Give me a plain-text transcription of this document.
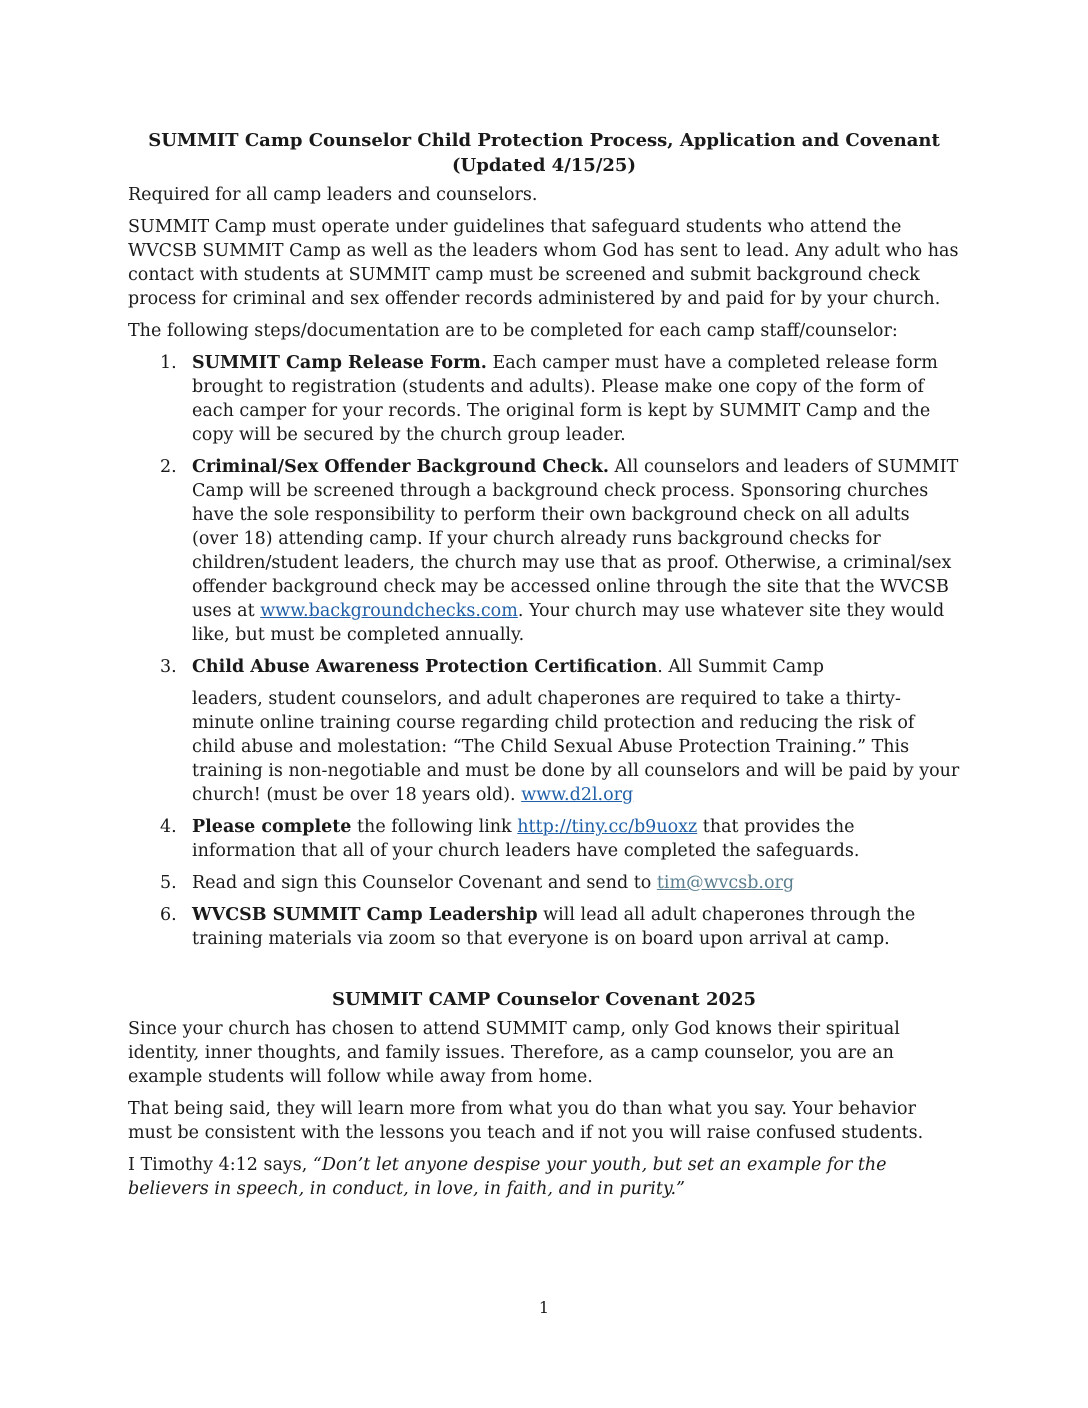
SUMMIT Camp Counselor Child Protection Process, Application and Covenant
(Updated 4/15/25)

Required for all camp leaders and counselors.

SUMMIT Camp must operate under guidelines that safeguard students who attend the WVCSB SUMMIT Camp as well as the leaders whom God has sent to lead. Any adult who has contact with students at SUMMIT camp must be screened and submit background check process for criminal and sex offender records administered by and paid for by your church.

The following steps/documentation are to be completed for each camp staff/counselor:

1. SUMMIT Camp Release Form. Each camper must have a completed release form brought to registration (students and adults). Please make one copy of the form of each camper for your records. The original form is kept by SUMMIT Camp and the copy will be secured by the church group leader.
2. Criminal/Sex Offender Background Check. All counselors and leaders of SUMMIT Camp will be screened through a background check process. Sponsoring churches have the sole responsibility to perform their own background check on all adults (over 18) attending camp. If your church already runs background checks for children/student leaders, the church may use that as proof. Otherwise, a criminal/sex offender background check may be accessed online through the site that the WVCSB uses at www.backgroundchecks.com. Your church may use whatever site they would like, but must be completed annually.
3. Child Abuse Awareness Protection Certification. All Summit Camp
leaders, student counselors, and adult chaperones are required to take a thirty- minute online training course regarding child protection and reducing the risk of child abuse and molestation: “The Child Sexual Abuse Protection Training.” This training is non-negotiable and must be done by all counselors and will be paid by your church! (must be over 18 years old). www.d2l.org
4. Please complete the following link http://tiny.cc/b9uoxz that provides the information that all of your church leaders have completed the safeguards.
5. Read and sign this Counselor Covenant and send to tim@wvcsb.org
6. WVCSB SUMMIT Camp Leadership will lead all adult chaperones through the training materials via zoom so that everyone is on board upon arrival at camp.
SUMMIT CAMP Counselor Covenant 2025

Since your church has chosen to attend SUMMIT camp, only God knows their spiritual identity, inner thoughts, and family issues. Therefore, as a camp counselor, you are an example students will follow while away from home.

That being said, they will learn more from what you do than what you say. Your behavior must be consistent with the lessons you teach and if not you will raise confused students.

I Timothy 4:12 says, “Don’t let anyone despise your youth, but set an example for the believers in speech, in conduct, in love, in faith, and in purity.”

1
